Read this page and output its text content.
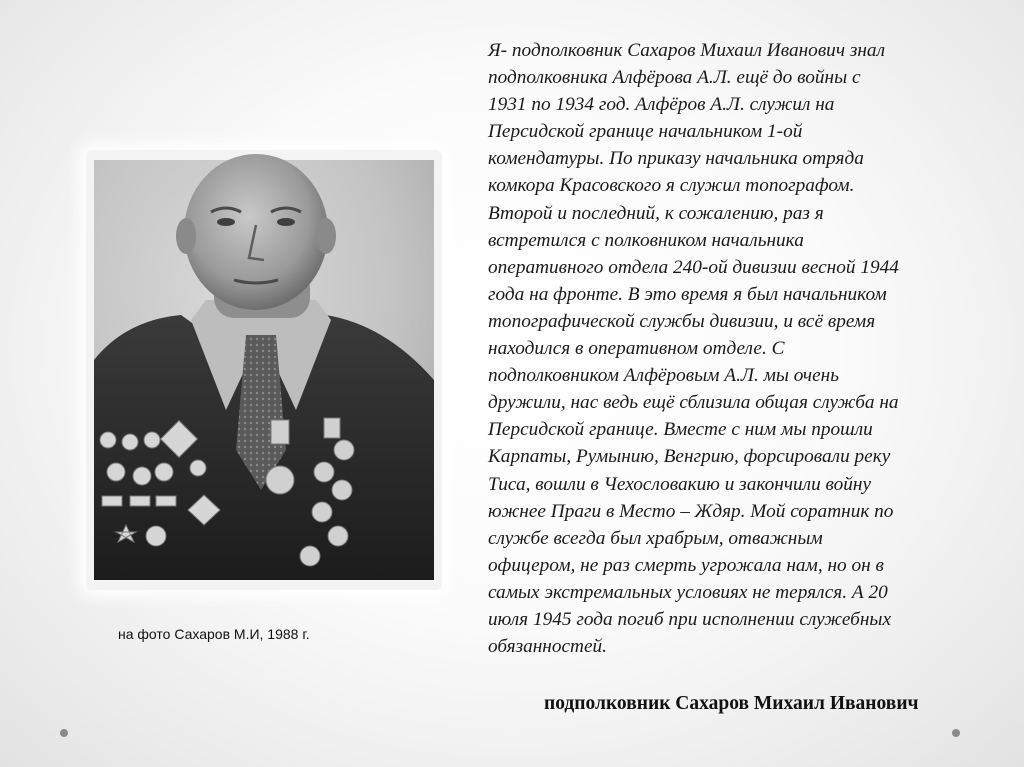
на фото Сахаров М.И, 1988 г.
Я- подполковник Сахаров Михаил Иванович знал
подполковника Алфёрова А.Л. ещё до войны с
1931 по 1934 год. Алфёров А.Л. служил на
Персидской границе начальником 1-ой
комендатуры. По приказу начальника отряда
комкора Красовского я служил топографом.
Второй и последний, к сожалению, раз я
встретился с полковником начальника
оперативного отдела 240-ой дивизии весной 1944
года на фронте. В это время я был начальником
топографической службы дивизии, и всё время
находился в оперативном отделе. С
подполковником Алфёровым А.Л. мы очень
дружили, нас ведь ещё сблизила общая служба на
Персидской границе. Вместе с ним мы прошли
Карпаты, Румынию, Венгрию, форсировали реку
Тиса, вошли в Чехословакию и закончили войну
южнее Праги в Место – Ждяр. Мой соратник по
службе всегда был храбрым, отважным
офицером, не раз смерть угрожала нам, но он в
самых экстремальных условиях не терялся. А 20
июля 1945 года погиб при исполнении служебных
обязанностей.
подполковник Сахаров Михаил Иванович
